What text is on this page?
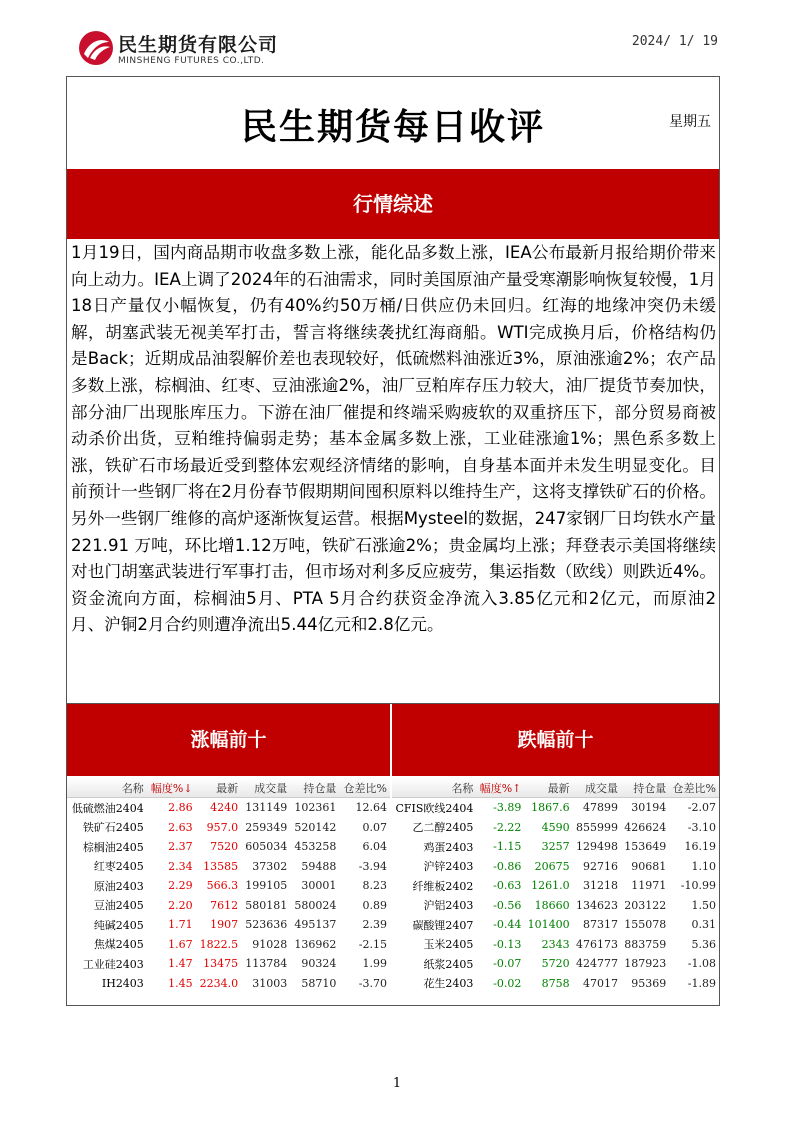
民生期货有限公司
MINSHENG FUTURES CO.,LTD.
2024/ 1/ 19
民生期货每日收评	星期五
行情综述
1月19日，国内商品期市收盘多数上涨，能化品多数上涨，IEA公布最新月报给期价带来向上动力。IEA上调了2024年的石油需求，同时美国原油产量受寒潮影响恢复较慢，1月18日产量仅小幅恢复，仍有40%约50万桶/日供应仍未回归。红海的地缘冲突仍未缓解，胡塞武装无视美军打击，誓言将继续袭扰红海商船。WTI完成换月后，价格结构仍是Back；近期成品油裂解价差也表现较好，低硫燃料油涨近3%，原油涨逾2%；农产品多数上涨，棕榈油、红枣、豆油涨逾2%，油厂豆粕库存压力较大，油厂提货节奏加快，部分油厂出现胀库压力。下游在油厂催提和终端采购疲软的双重挤压下，部分贸易商被动杀价出货，豆粕维持偏弱走势；基本金属多数上涨，工业硅涨逾1%；黑色系多数上涨，铁矿石市场最近受到整体宏观经济情绪的影响，自身基本面并未发生明显变化。目前预计一些钢厂将在2月份春节假期期间囤积原料以维持生产，这将支撑铁矿石的价格。另外一些钢厂维修的高炉逐渐恢复运营。根据Mysteel的数据，247家钢厂日均铁水产量221.91 万吨，环比增1.12万吨，铁矿石涨逾2%；贵金属均上涨；拜登表示美国将继续对也门胡塞武装进行军事打击，但市场对利多反应疲劳，集运指数（欧线）则跌近4%。资金流向方面，棕榈油5月、PTA 5月合约获资金净流入3.85亿元和2亿元，而原油2月、沪铜2月合约则遭净流出5.44亿元和2.8亿元。
涨幅前十	跌幅前十
名称	幅度%↓	最新	成交量	持仓量	仓差比%
低硫燃油2404	2.86	4240	131149	102361	12.64
铁矿石2405	2.63	957.0	259349	520142	0.07
棕榈油2405	2.37	7520	605034	453258	6.04
红枣2405	2.34	13585	37302	59488	-3.94
原油2403	2.29	566.3	199105	30001	8.23
豆油2405	2.20	7612	580181	580024	0.89
纯碱2405	1.71	1907	523636	495137	2.39
焦煤2405	1.67	1822.5	91028	136962	-2.15
工业硅2403	1.47	13475	113784	90324	1.99
IH2403	1.45	2234.0	31003	58710	-3.70
名称	幅度%↑	最新	成交量	持仓量	仓差比%
CFIS欧线2404	-3.89	1867.6	47899	30194	-2.07
乙二醇2405	-2.22	4590	855999	426624	-3.10
鸡蛋2403	-1.15	3257	129498	153649	16.19
沪锌2403	-0.86	20675	92716	90681	1.10
纤维板2402	-0.63	1261.0	31218	11971	-10.99
沪铝2403	-0.56	18660	134623	203122	1.50
碳酸锂2407	-0.44	101400	87317	155078	0.31
玉米2405	-0.13	2343	476173	883759	5.36
纸浆2405	-0.07	5720	424777	187923	-1.08
花生2403	-0.02	8758	47017	95369	-1.89
1
